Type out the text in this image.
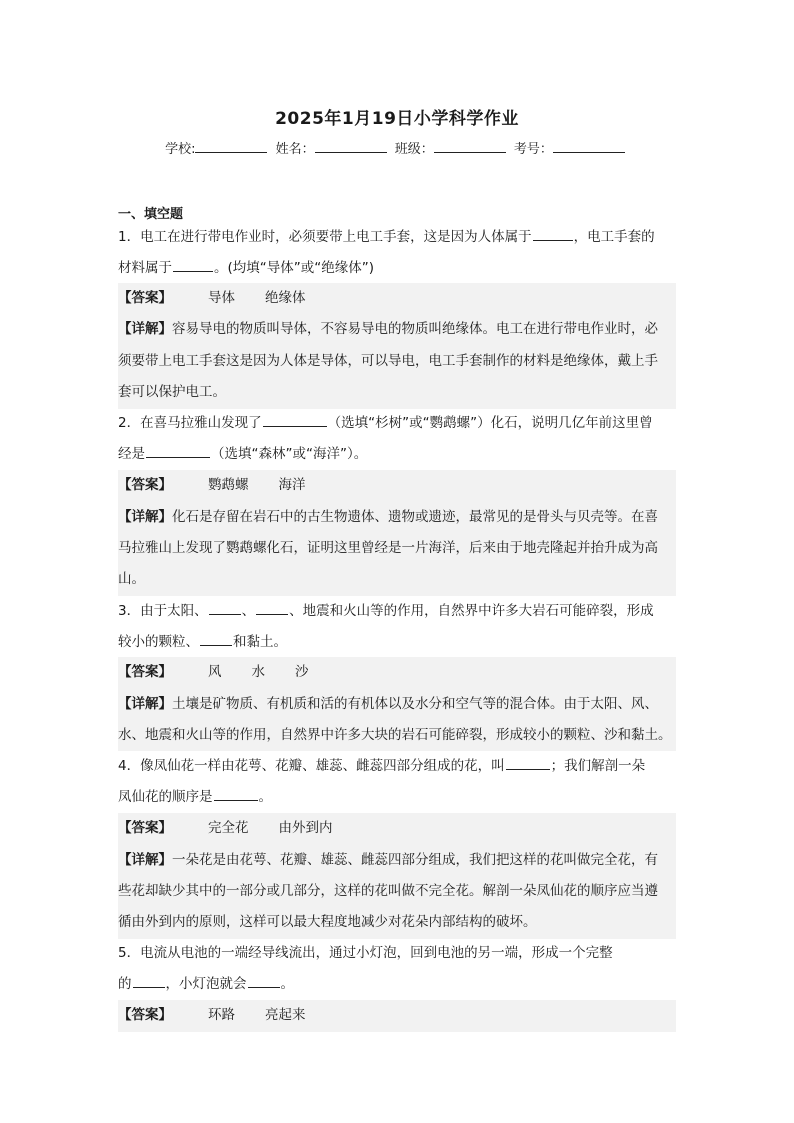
2025年1月19日小学科学作业
学校:	姓名：	班级：	考号：
一、填空题
1．电工在进行带电作业时，必须要带上电工手套，这是因为人体属于	，电工手套的
材料属于	。(均填“导体”或“绝缘体”)
【答案】	导体 绝缘体
【详解】容易导电的物质叫导体，不容易导电的物质叫绝缘体。电工在进行带电作业时，必
须要带上电工手套这是因为人体是导体，可以导电，电工手套制作的材料是绝缘体，戴上手
套可以保护电工。
2．在喜马拉雅山发现了	（选填“杉树”或“鹦鹉螺”）化石，说明几亿年前这里曾
经是	（选填“森林”或“海洋”）。
【答案】	鹦鹉螺 海洋
【详解】化石是存留在岩石中的古生物遗体、遗物或遗迹，最常见的是骨头与贝壳等。在喜
马拉雅山上发现了鹦鹉螺化石，证明这里曾经是一片海洋，后来由于地壳隆起并抬升成为高
山。
3．由于太阳、	、	、地震和火山等的作用，自然界中许多大岩石可能碎裂，形成
较小的颗粒、	和黏土。
【答案】	风 水 沙
【详解】土壤是矿物质、有机质和活的有机体以及水分和空气等的混合体。由于太阳、风、
水、地震和火山等的作用，自然界中许多大块的岩石可能碎裂，形成较小的颗粒、沙和黏土。
4．像凤仙花一样由花萼、花瓣、雄蕊、雌蕊四部分组成的花，叫	；我们解剖一朵
凤仙花的顺序是	。
【答案】	完全花 由外到内
【详解】一朵花是由花萼、花瓣、雄蕊、雌蕊四部分组成，我们把这样的花叫做完全花，有
些花却缺少其中的一部分或几部分，这样的花叫做不完全花。解剖一朵凤仙花的顺序应当遵
循由外到内的原则，这样可以最大程度地减少对花朵内部结构的破坏。
5．电流从电池的一端经导线流出，通过小灯泡，回到电池的另一端，形成一个完整
的	，小灯泡就会	。
【答案】	环路 亮起来
